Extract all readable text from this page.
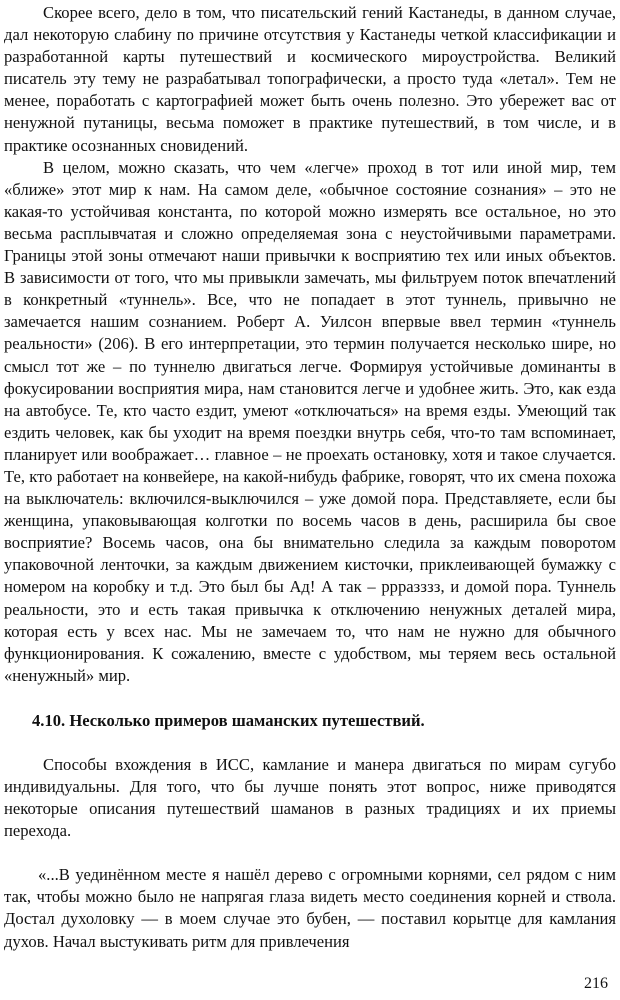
Скорее всего, дело в том, что писательский гений Кастанеды, в данном случае, дал некоторую слабину по причине отсутствия у Кастанеды четкой классификации и разработанной карты путешествий и космического мироустройства. Великий писатель эту тему не разрабатывал топографически, а просто туда «летал». Тем не менее, поработать с картографией может быть очень полезно. Это убережет вас от ненужной путаницы, весьма поможет в практике путешествий, в том числе, и в практике осознанных сновидений.

В целом, можно сказать, что чем «легче» проход в тот или иной мир, тем «ближе» этот мир к нам. На самом деле, «обычное состояние сознания» – это не какая-то устойчивая константа, по которой можно измерять все остальное, но это весьма расплывчатая и сложно определяемая зона с неустойчивыми параметрами. Границы этой зоны отмечают наши привычки к восприятию тех или иных объектов. В зависимости от того, что мы привыкли замечать, мы фильтруем поток впечатлений в конкретный «туннель». Все, что не попадает в этот туннель, привычно не замечается нашим сознанием. Роберт А. Уилсон впервые ввел термин «туннель реальности» (206). В его интерпретации, это термин получается несколько шире, но смысл тот же – по туннелю двигаться легче. Формируя устойчивые доминанты в фокусировании восприятия мира, нам становится легче и удобнее жить. Это, как езда на автобусе. Те, кто часто ездит, умеют «отключаться» на время езды. Умеющий так ездить человек, как бы уходит на время поездки внутрь себя, что-то там вспоминает, планирует или воображает… главное – не проехать остановку, хотя и такое случается. Те, кто работает на конвейере, на какой-нибудь фабрике, говорят, что их смена похожа на выключатель: включился-выключился – уже домой пора. Представляете, если бы женщина, упаковывающая колготки по восемь часов в день, расширила бы свое восприятие? Восемь часов, она бы внимательно следила за каждым поворотом упаковочной ленточки, за каждым движением кисточки, приклеивающей бумажку с номером на коробку и т.д. Это был бы Ад! А так – ррразззз, и домой пора. Туннель реальности, это и есть такая привычка к отключению ненужных деталей мира, которая есть у всех нас. Мы не замечаем то, что нам не нужно для обычного функционирования. К сожалению, вместе с удобством, мы теряем весь остальной «ненужный» мир.

4.10. Несколько примеров шаманских путешествий.

Способы вхождения в ИСС, камлание и манера двигаться по мирам сугубо индивидуальны. Для того, что бы лучше понять этот вопрос, ниже приводятся некоторые описания путешествий шаманов в разных традициях и их приемы перехода.

«...В уединённом месте я нашёл дерево с огромными корнями, сел рядом с ним так, чтобы можно было не напрягая глаза видеть место соединения корней и ствола. Достал духоловку — в моем случае это бубен, — поставил корытце для камлания духов. Начал выстукивать ритм для привлечения

216
